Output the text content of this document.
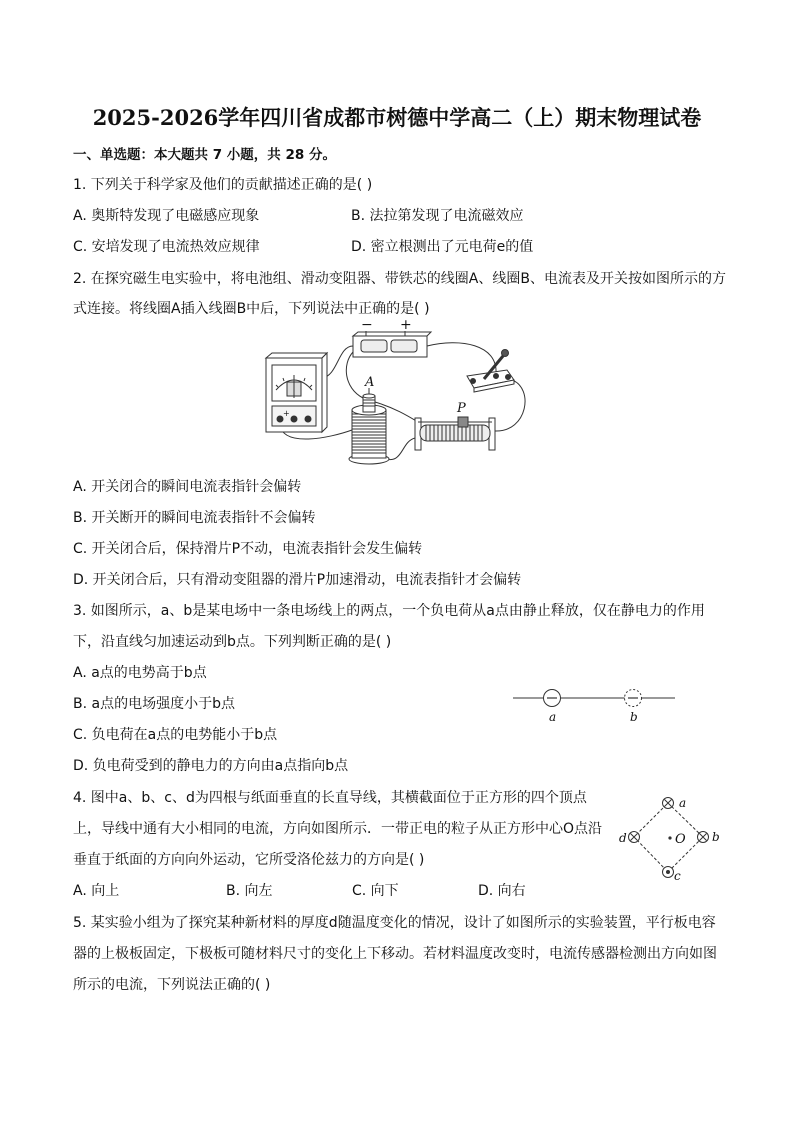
2025-2026学年四川省成都市树德中学高二（上）期末物理试卷
一、单选题：本大题共 7 小题，共 28 分。
1. 下列关于科学家及他们的贡献描述正确的是( )
A. 奥斯特发现了电磁感应现象	B. 法拉第发现了电流磁效应
C. 安培发现了电流热效应规律	D. 密立根测出了元电荷e的值
2. 在探究磁生电实验中，将电池组、滑动变阻器、带铁芯的线圈A、线圈B、电流表及开关按如图所示的方
式连接。将线圈A插入线圈B中后，下列说法中正确的是( )
+
− +
A
P
A. 开关闭合的瞬间电流表指针会偏转
B. 开关断开的瞬间电流表指针不会偏转
C. 开关闭合后，保持滑片P不动，电流表指针会发生偏转
D. 开关闭合后，只有滑动变阻器的滑片P加速滑动，电流表指针才会偏转
3. 如图所示，a、b是某电场中一条电场线上的两点，一个负电荷从a点由静止释放，仅在静电力的作用
下，沿直线匀加速运动到b点。下列判断正确的是( )
A. a点的电势高于b点
B. a点的电场强度小于b点
C. 负电荷在a点的电势能小于b点
D. 负电荷受到的静电力的方向由a点指向b点
a	b
4. 图中a、b、c、d为四根与纸面垂直的长直导线，其横截面位于正方形的四个顶点
上，导线中通有大小相同的电流，方向如图所示．一带正电的粒子从正方形中心O点沿
垂直于纸面的方向向外运动，它所受洛伦兹力的方向是( )
A. 向上	B. 向左	C. 向下	D. 向右
a
b
c
d	O
5. 某实验小组为了探究某种新材料的厚度d随温度变化的情况，设计了如图所示的实验装置，平行板电容
器的上极板固定，下极板可随材料尺寸的变化上下移动。若材料温度改变时，电流传感器检测出方向如图
所示的电流，下列说法正确的( )
